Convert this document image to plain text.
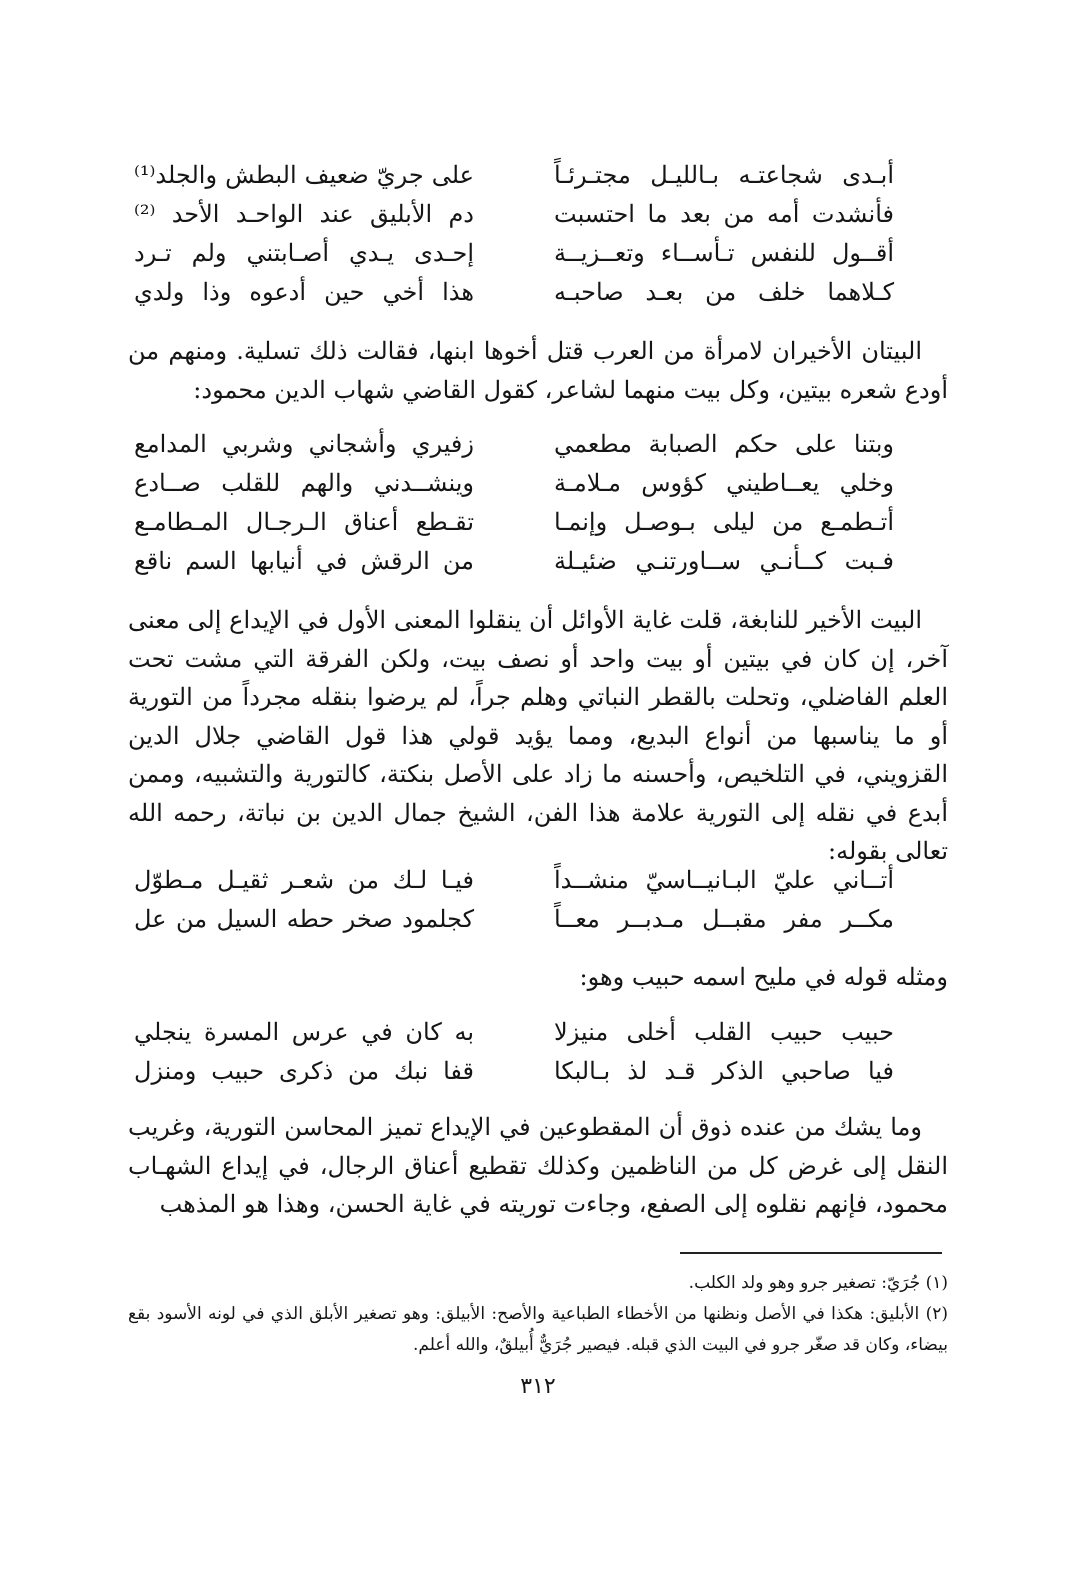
أبـدى شجاعتـه بـالليـل مجتـرئـاً
على جريّ ضعيف البطش والجلد⁽¹⁾
فأنشدت أمه من بعد ما احتسبت
دم الأبليق عند الواحـد الأحد ⁽²⁾
أقــول للنفس تـأســاء وتعــزيــة
إحـدى يـدي أصـابتني ولم تـرد
كـلاهما خلف من بعـد صاحبـه
هذا أخي حين أدعوه وذا ولدي

البيتان الأخيران لامرأة من العرب قتل أخوها ابنها، فقالت ذلك تسلية. ومنهم من أودع شعره بيتين، وكل بيت منهما لشاعر، كقول القاضي شهاب الدين محمود:

وبتنا على حكم الصبابة مطعمي
زفيري وأشجاني وشربي المدامع
وخلي يعــاطيني كؤوس مـلامـة
وينشــدني والهم للقلب صــادع
أتـطمـع من ليلى بـوصـل وإنمـا
تقـطع أعناق الـرجـال المـطامـع
فـبت كــأنـي ســاورتنـي ضئيـلة
من الرقش في أنيابها السم ناقع

البيت الأخير للنابغة، قلت غاية الأوائل أن ينقلوا المعنى الأول في الإيداع إلى معنى آخر، إن كان في بيتين أو بيت واحد أو نصف بيت، ولكن الفرقة التي مشت تحت العلم الفاضلي، وتحلت بالقطر النباتي وهلم جراً، لم يرضوا بنقله مجرداً من التورية أو ما يناسبها من أنواع البديع، ومما يؤيد قولي هذا قول القاضي جلال الدين القزويني، في التلخيص، وأحسنه ما زاد على الأصل بنكتة، كالتورية والتشبيه، وممن أبدع في نقله إلى التورية علامة هذا الفن، الشيخ جمال الدين بن نباتة، رحمه الله تعالى بقوله:

أتــاني عليّ البـانيــاسيّ منشــداً
فيـا لـك من شعـر ثقيـل مـطوّل
مكــر مفر مقبــل مـدبــر معــاً
كجلمود صخر حطه السيل من عل

ومثله قوله في مليح اسمه حبيب وهو:

حبيب حبيب القلب أخلى منيزلا
به كان في عرس المسرة ينجلي
فيا صاحبي الذكر قـد لذ بـالبكا
قفا نبك من ذكرى حبيب ومنزل

وما يشك من عنده ذوق أن المقطوعين في الإيداع تميز المحاسن التورية، وغريب النقل إلى غرض كل من الناظمين وكذلك تقطيع أعناق الرجال، في إيداع الشهـاب محمود، فإنهم نقلوه إلى الصفع، وجاءت توريته في غاية الحسن، وهذا هو المذهب

(١) جُرَيّ: تصغير جرو وهو ولد الكلب.

(٢) الأبليق: هكذا في الأصل ونظنها من الأخطاء الطباعية والأصح: الأبيلق: وهو تصغير الأبلق الذي في لونه الأسود بقع بيضاء، وكان قد صغّر جرو في البيت الذي قبله. فيصير جُرَيٌّ أُبيلقٌ، والله أعلم.

٣١٢
